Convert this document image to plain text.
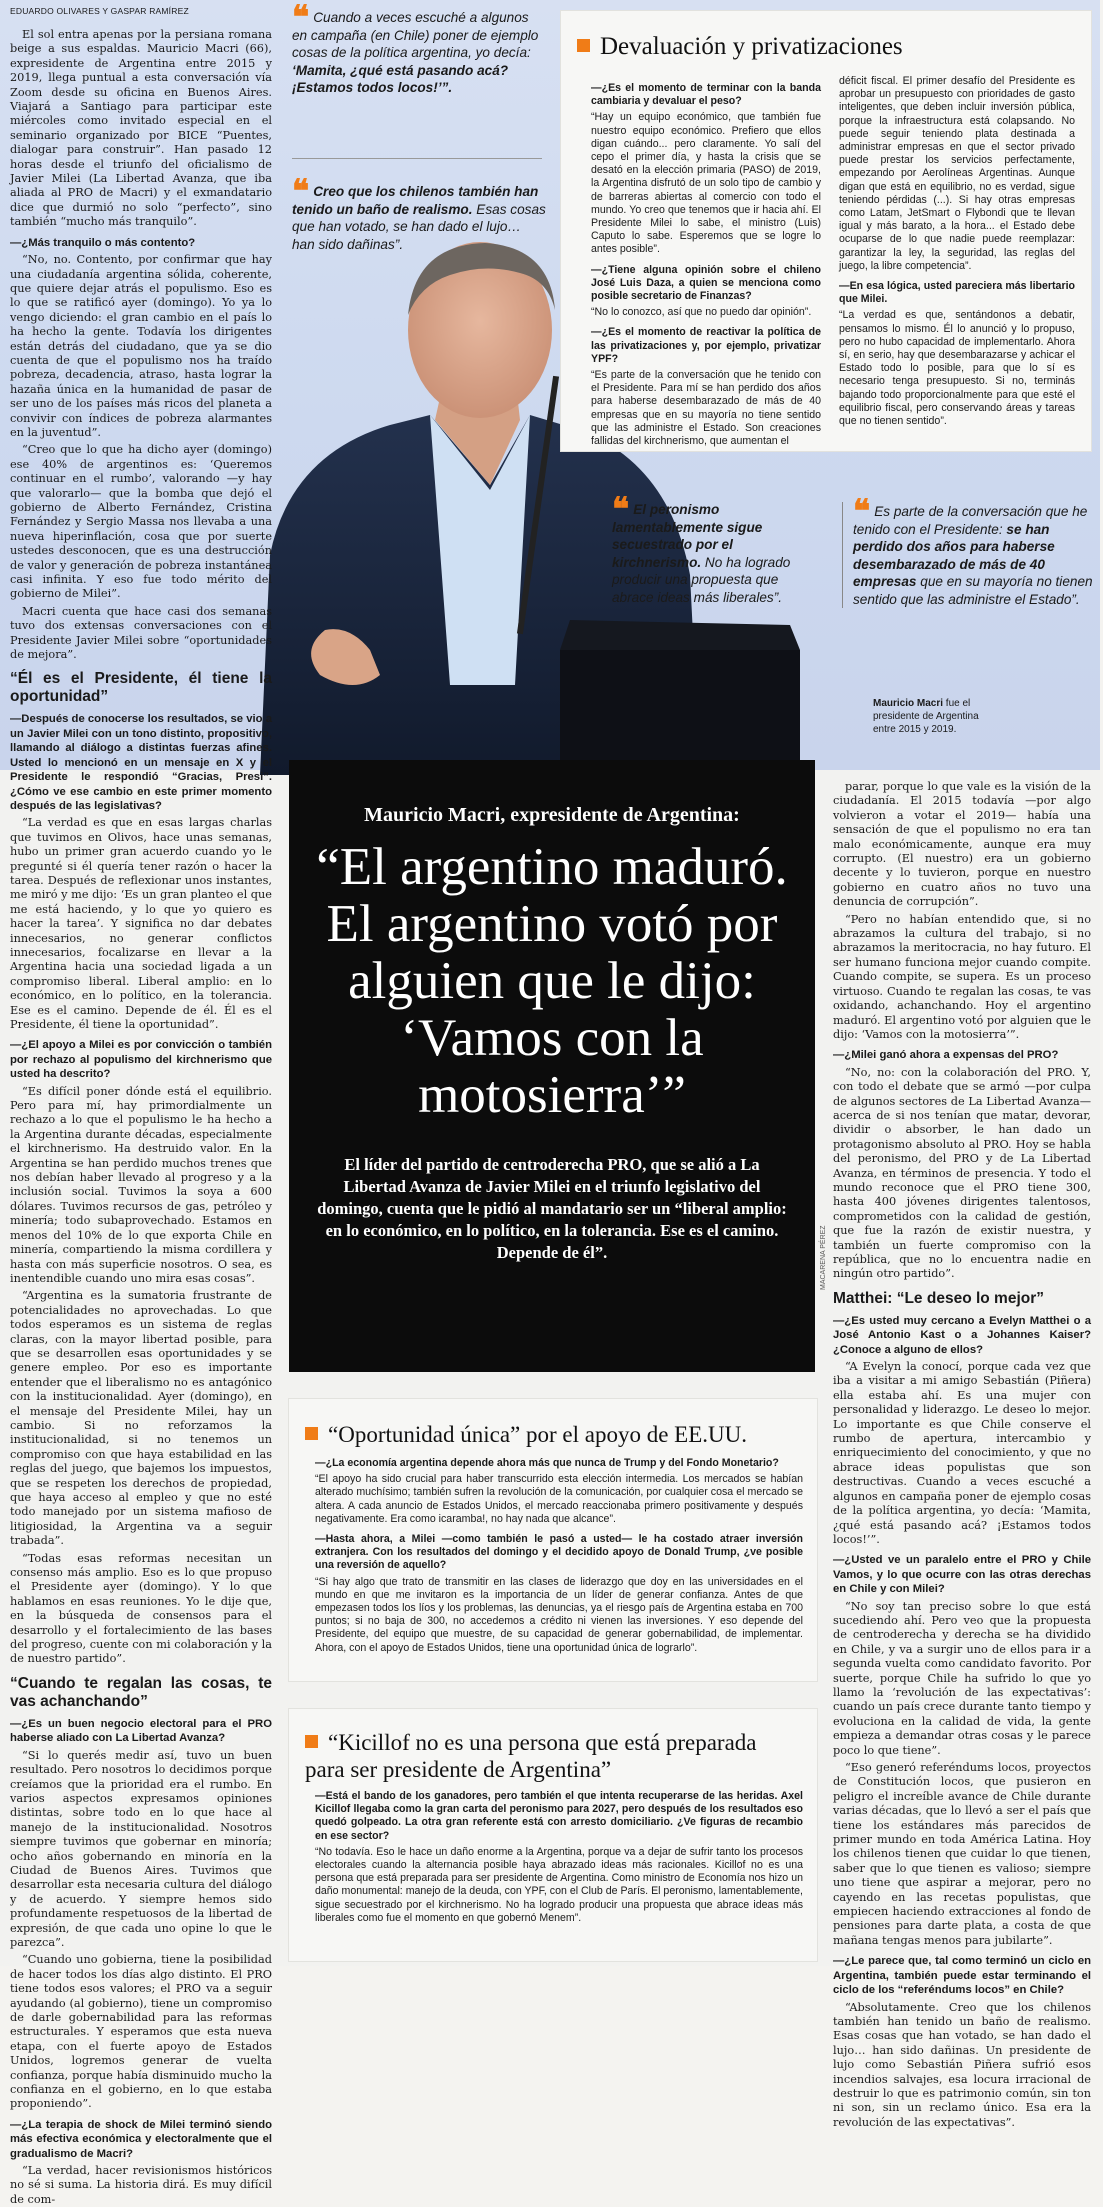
EDUARDO OLIVARES Y GASPAR RAMÍREZ

El sol entra apenas por la persiana romana beige a sus espaldas. Mauricio Macri (66), expresidente de Argentina entre 2015 y 2019, llega puntual a esta conversación vía Zoom desde su oficina en Buenos Aires. Viajará a Santiago para participar este miércoles como invitado especial en el seminario organizado por BICE “Puentes, dialogar para construir”. Han pasado 12 horas desde el triunfo del oficialismo de Javier Milei (La Libertad Avanza, que iba aliada al PRO de Macri) y el exmandatario dice que durmió no solo “perfecto”, sino también “mucho más tranquilo”.

—¿Más tranquilo o más contento?

“No, no. Contento, por confirmar que hay una ciudadanía argentina sólida, coherente, que quiere dejar atrás el populismo. Eso es lo que se ratificó ayer (domingo). Yo ya lo vengo diciendo: el gran cambio en el país lo ha hecho la gente. Todavía los dirigentes están detrás del ciudadano, que ya se dio cuenta de que el populismo nos ha traído pobreza, decadencia, atraso, hasta lograr la hazaña única en la humanidad de pasar de ser uno de los países más ricos del planeta a convivir con índices de pobreza alarmantes en la juventud”.

“Creo que lo que ha dicho ayer (domingo) ese 40% de argentinos es: ‘Queremos continuar en el rumbo’, valorando —y hay que valorarlo— que la bomba que dejó el gobierno de Alberto Fernández, Cristina Fernández y Sergio Massa nos llevaba a una nueva hiperinflación, cosa que por suerte ustedes desconocen, que es una destrucción de valor y generación de pobreza instantánea casi infinita. Y eso fue todo mérito del gobierno de Milei”.

Macri cuenta que hace casi dos semanas tuvo dos extensas conversaciones con el Presidente Javier Milei sobre “oportunidades de mejora”.

“Él es el Presidente, él tiene la oportunidad”

—Después de conocerse los resultados, se vio a un Javier Milei con un tono distinto, propositivo, llamando al diálogo a distintas fuerzas afines. Usted lo mencionó en un mensaje en X y el Presidente le respondió “Gracias, Presi”. ¿Cómo ve ese cambio en este primer momento después de las legislativas?

“La verdad es que en esas largas charlas que tuvimos en Olivos, hace unas semanas, hubo un primer gran acuerdo cuando yo le pregunté si él quería tener razón o hacer la tarea. Después de reflexionar unos instantes, me miró y me dijo: ‘Es un gran planteo el que me está haciendo, y lo que yo quiero es hacer la tarea’. Y significa no dar debates innecesarios, no generar conflictos innecesarios, focalizarse en llevar a la Argentina hacia una sociedad ligada a un compromiso liberal. Liberal amplio: en lo económico, en lo político, en la tolerancia. Ese es el camino. Depende de él. Él es el Presidente, él tiene la oportunidad”.

—¿El apoyo a Milei es por convicción o también por rechazo al populismo del kirchnerismo que usted ha descrito?

“Es difícil poner dónde está el equilibrio. Pero para mí, hay primordialmente un rechazo a lo que el populismo le ha hecho a la Argentina durante décadas, especialmente el kirchnerismo. Ha destruido valor. En la Argentina se han perdido muchos trenes que nos debían haber llevado al progreso y a la inclusión social. Tuvimos la soya a 600 dólares. Tuvimos recursos de gas, petróleo y minería; todo subaprovechado. Estamos en menos del 10% de lo que exporta Chile en minería, compartiendo la misma cordillera y hasta con más superficie nosotros. O sea, es inentendible cuando uno mira esas cosas”.

“Argentina es la sumatoria frustrante de potencialidades no aprovechadas. Lo que todos esperamos es un sistema de reglas claras, con la mayor libertad posible, para que se desarrollen esas oportunidades y se genere empleo. Por eso es importante entender que el liberalismo no es antagónico con la institucionalidad. Ayer (domingo), en el mensaje del Presidente Milei, hay un cambio. Si no reforzamos la institucionalidad, si no tenemos un compromiso con que haya estabilidad en las reglas del juego, que bajemos los impuestos, que se respeten los derechos de propiedad, que haya acceso al empleo y que no esté todo manejado por un sistema mafioso de litigiosidad, la Argentina va a seguir trabada”.

“Todas esas reformas necesitan un consenso más amplio. Eso es lo que propuso el Presidente ayer (domingo). Y lo que hablamos en esas reuniones. Yo le dije que, en la búsqueda de consensos para el desarrollo y el fortalecimiento de las bases del progreso, cuente con mi colaboración y la de nuestro partido”.

“Cuando te regalan las cosas, te vas achanchando”

—¿Es un buen negocio electoral para el PRO haberse aliado con La Libertad Avanza?

“Si lo querés medir así, tuvo un buen resultado. Pero nosotros lo decidimos porque creíamos que la prioridad era el rumbo. En varios aspectos expresamos opiniones distintas, sobre todo en lo que hace al manejo de la institucionalidad. Nosotros siempre tuvimos que gobernar en minoría; ocho años gobernando en minoría en la Ciudad de Buenos Aires. Tuvimos que desarrollar esta necesaria cultura del diálogo y de acuerdo. Y siempre hemos sido profundamente respetuosos de la libertad de expresión, de que cada uno opine lo que le parezca”.

“Cuando uno gobierna, tiene la posibilidad de hacer todos los días algo distinto. El PRO tiene todos esos valores; el PRO va a seguir ayudando (al gobierno), tiene un compromiso de darle gobernabilidad para las reformas estructurales. Y esperamos que esta nueva etapa, con el fuerte apoyo de Estados Unidos, logremos generar de vuelta confianza, porque había disminuido mucho la confianza en el gobierno, en lo que estaba proponiendo”.

—¿La terapia de shock de Milei terminó siendo más efectiva económica y electoralmente que el gradualismo de Macri?

“La verdad, hacer revisionismos históricos no sé si suma. La historia dirá. Es muy difícil de com-

❝ Cuando a veces escuché a algunos en campaña (en Chile) poner de ejemplo cosas de la política argentina, yo decía: ‘Mamita, ¿qué está pasando acá? ¡Estamos todos locos!’”.
❝ Creo que los chilenos también han tenido un baño de realismo. Esas cosas que han votado, se han dado el lujo… han sido dañinas”.
❝ El peronismo lamentablemente sigue secuestrado por el kirchnerismo. No ha logrado producir una propuesta que abrace ideas más liberales”.
❝ Es parte de la conversación que he tenido con el Presidente: se han perdido dos años para haberse desembarazado de más de 40 empresas que en su mayoría no tienen sentido que las administre el Estado”.
Devaluación y privatizaciones

—¿Es el momento de terminar con la banda cambiaria y devaluar el peso?

“Hay un equipo económico, que también fue nuestro equipo económico. Prefiero que ellos digan cuándo... pero claramente. Yo salí del cepo el primer día, y hasta la crisis que se desató en la elección primaria (PASO) de 2019, la Argentina disfrutó de un solo tipo de cambio y de barreras abiertas al comercio con todo el mundo. Yo creo que tenemos que ir hacia ahí. El Presidente Milei lo sabe, el ministro (Luis) Caputo lo sabe. Esperemos que se logre lo antes posible”.

—¿Tiene alguna opinión sobre el chileno José Luis Daza, a quien se menciona como posible secretario de Finanzas?

“No lo conozco, así que no puedo dar opinión”.

—¿Es el momento de reactivar la política de las privatizaciones y, por ejemplo, privatizar YPF?

“Es parte de la conversación que he tenido con el Presidente. Para mí se han perdido dos años para haberse desembarazado de más de 40 empresas que en su mayoría no tiene sentido que las administre el Estado. Son creaciones fallidas del kirchnerismo, que aumentan el

déficit fiscal. El primer desafío del Presidente es aprobar un presupuesto con prioridades de gasto inteligentes, que deben incluir inversión pública, porque la infraestructura está colapsando. No puede seguir teniendo plata destinada a administrar empresas en que el sector privado puede prestar los servicios perfectamente, empezando por Aerolíneas Argentinas. Aunque digan que está en equilibrio, no es verdad, sigue teniendo pérdidas (...). Si hay otras empresas como Latam, JetSmart o Flybondi que te llevan igual y más barato, a la hora... el Estado debe ocuparse de lo que nadie puede reemplazar: garantizar la ley, la seguridad, las reglas del juego, la libre competencia”.

—En esa lógica, usted pareciera más libertario que Milei.

“La verdad es que, sentándonos a debatir, pensamos lo mismo. Él lo anunció y lo propuso, pero no hubo capacidad de implementarlo. Ahora sí, en serio, hay que desembarazarse y achicar el Estado todo lo posible, para que lo sí es necesario tenga presupuesto. Si no, terminás bajando todo proporcionalmente para que esté el equilibrio fiscal, pero conservando áreas y tareas que no tienen sentido”.

Mauricio Macri fue el presidente de Argentina entre 2015 y 2019.
Mauricio Macri, expresidente de Argentina:
“El argentino maduró. El argentino votó por alguien que le dijo: ‘Vamos con la motosierra’”
El líder del partido de centroderecha PRO, que se alió a La Libertad Avanza de Javier Milei en el triunfo legislativo del domingo, cuenta que le pidió al mandatario ser un “liberal amplio: en lo económico, en lo político, en la tolerancia. Ese es el camino. Depende de él”.	MACARENA PÉREZ

parar, porque lo que vale es la visión de la ciudadanía. El 2015 todavía —por algo volvieron a votar el 2019— había una sensación de que el populismo no era tan malo económicamente, aunque era muy corrupto. (El nuestro) era un gobierno decente y lo tuvieron, porque en nuestro gobierno en cuatro años no tuvo una denuncia de corrupción”.

“Pero no habían entendido que, si no abrazamos la cultura del trabajo, si no abrazamos la meritocracia, no hay futuro. El ser humano funciona mejor cuando compite. Cuando compite, se supera. Es un proceso virtuoso. Cuando te regalan las cosas, te vas oxidando, achanchando. Hoy el argentino maduró. El argentino votó por alguien que le dijo: ‘Vamos con la motosierra’”.

—¿Milei ganó ahora a expensas del PRO?

“No, no: con la colaboración del PRO. Y, con todo el debate que se armó —por culpa de algunos sectores de La Libertad Avanza— acerca de si nos tenían que matar, devorar, dividir o absorber, le han dado un protagonismo absoluto al PRO. Hoy se habla del peronismo, del PRO y de La Libertad Avanza, en términos de presencia. Y todo el mundo reconoce que el PRO tiene 300, hasta 400 jóvenes dirigentes talentosos, comprometidos con la calidad de gestión, que fue la razón de existir nuestra, y también un fuerte compromiso con la república, que no lo encuentra nadie en ningún otro partido”.

Matthei: “Le deseo lo mejor”

—¿Es usted muy cercano a Evelyn Matthei o a José Antonio Kast o a Johannes Kaiser? ¿Conoce a alguno de ellos?

“A Evelyn la conocí, porque cada vez que iba a visitar a mi amigo Sebastián (Piñera) ella estaba ahí. Es una mujer con personalidad y liderazgo. Le deseo lo mejor. Lo importante es que Chile conserve el rumbo de apertura, intercambio y enriquecimiento del conocimiento, y que no abrace ideas populistas que son destructivas. Cuando a veces escuché a algunos en campaña poner de ejemplo cosas de la política argentina, yo decía: ‘Mamita, ¿qué está pasando acá? ¡Estamos todos locos!’”.

—¿Usted ve un paralelo entre el PRO y Chile Vamos, y lo que ocurre con las otras derechas en Chile y con Milei?

“No soy tan preciso sobre lo que está sucediendo ahí. Pero veo que la propuesta de centroderecha y derecha se ha dividido en Chile, y va a surgir uno de ellos para ir a segunda vuelta como candidato favorito. Por suerte, porque Chile ha sufrido lo que yo llamo la ‘revolución de las expectativas’: cuando un país crece durante tanto tiempo y evoluciona en la calidad de vida, la gente empieza a demandar otras cosas y le parece poco lo que tiene”.

“Eso generó referéndums locos, proyectos de Constitución locos, que pusieron en peligro el increíble avance de Chile durante varias décadas, que lo llevó a ser el país que tiene los estándares más parecidos de primer mundo en toda América Latina. Hoy los chilenos tienen que cuidar lo que tienen, saber que lo que tienen es valioso; siempre uno tiene que aspirar a mejorar, pero no cayendo en las recetas populistas, que empiecen haciendo extracciones al fondo de pensiones para darte plata, a costa de que mañana tengas menos para jubilarte”.

—¿Le parece que, tal como terminó un ciclo en Argentina, también puede estar terminando el ciclo de los “referéndums locos” en Chile?

“Absolutamente. Creo que los chilenos también han tenido un baño de realismo. Esas cosas que han votado, se han dado el lujo… han sido dañinas. Un presidente de lujo como Sebastián Piñera sufrió esos incendios salvajes, esa locura irracional de destruir lo que es patrimonio común, sin ton ni son, sin un reclamo único. Esa era la revolución de las expectativas”.

“Oportunidad única” por el apoyo de EE.UU.

—¿La economía argentina depende ahora más que nunca de Trump y del Fondo Monetario?

“El apoyo ha sido crucial para haber transcurrido esta elección intermedia. Los mercados se habían alterado muchísimo; también sufren la revolución de la comunicación, por cualquier cosa el mercado se altera. A cada anuncio de Estados Unidos, el mercado reaccionaba primero positivamente y después negativamente. Era como icaramba!, no hay nada que alcance”.

—Hasta ahora, a Milei —como también le pasó a usted— le ha costado atraer inversión extranjera. Con los resultados del domingo y el decidido apoyo de Donald Trump, ¿ve posible una reversión de aquello?

“Si hay algo que trato de transmitir en las clases de liderazgo que doy en las universidades en el mundo en que me invitaron es la importancia de un líder de generar confianza. Antes de que empezasen todos los líos y los problemas, las denuncias, ya el riesgo país de Argentina estaba en 700 puntos; si no baja de 300, no accedemos a crédito ni vienen las inversiones. Y eso depende del Presidente, del equipo que muestre, de su capacidad de generar gobernabilidad, de implementar. Ahora, con el apoyo de Estados Unidos, tiene una oportunidad única de lograrlo”.

“Kicillof no es una persona que está preparada para ser presidente de Argentina”

—Está el bando de los ganadores, pero también el que intenta recuperarse de las heridas. Axel Kicillof llegaba como la gran carta del peronismo para 2027, pero después de los resultados eso quedó golpeado. La otra gran referente está con arresto domiciliario. ¿Ve figuras de recambio en ese sector?

“No todavía. Eso le hace un daño enorme a la Argentina, porque va a dejar de sufrir tanto los procesos electorales cuando la alternancia posible haya abrazado ideas más racionales. Kicillof no es una persona que está preparada para ser presidente de Argentina. Como ministro de Economía nos hizo un daño monumental: manejo de la deuda, con YPF, con el Club de París. El peronismo, lamentablemente, sigue secuestrado por el kirchnerismo. No ha logrado producir una propuesta que abrace ideas más liberales como fue el momento en que gobernó Menem”.
